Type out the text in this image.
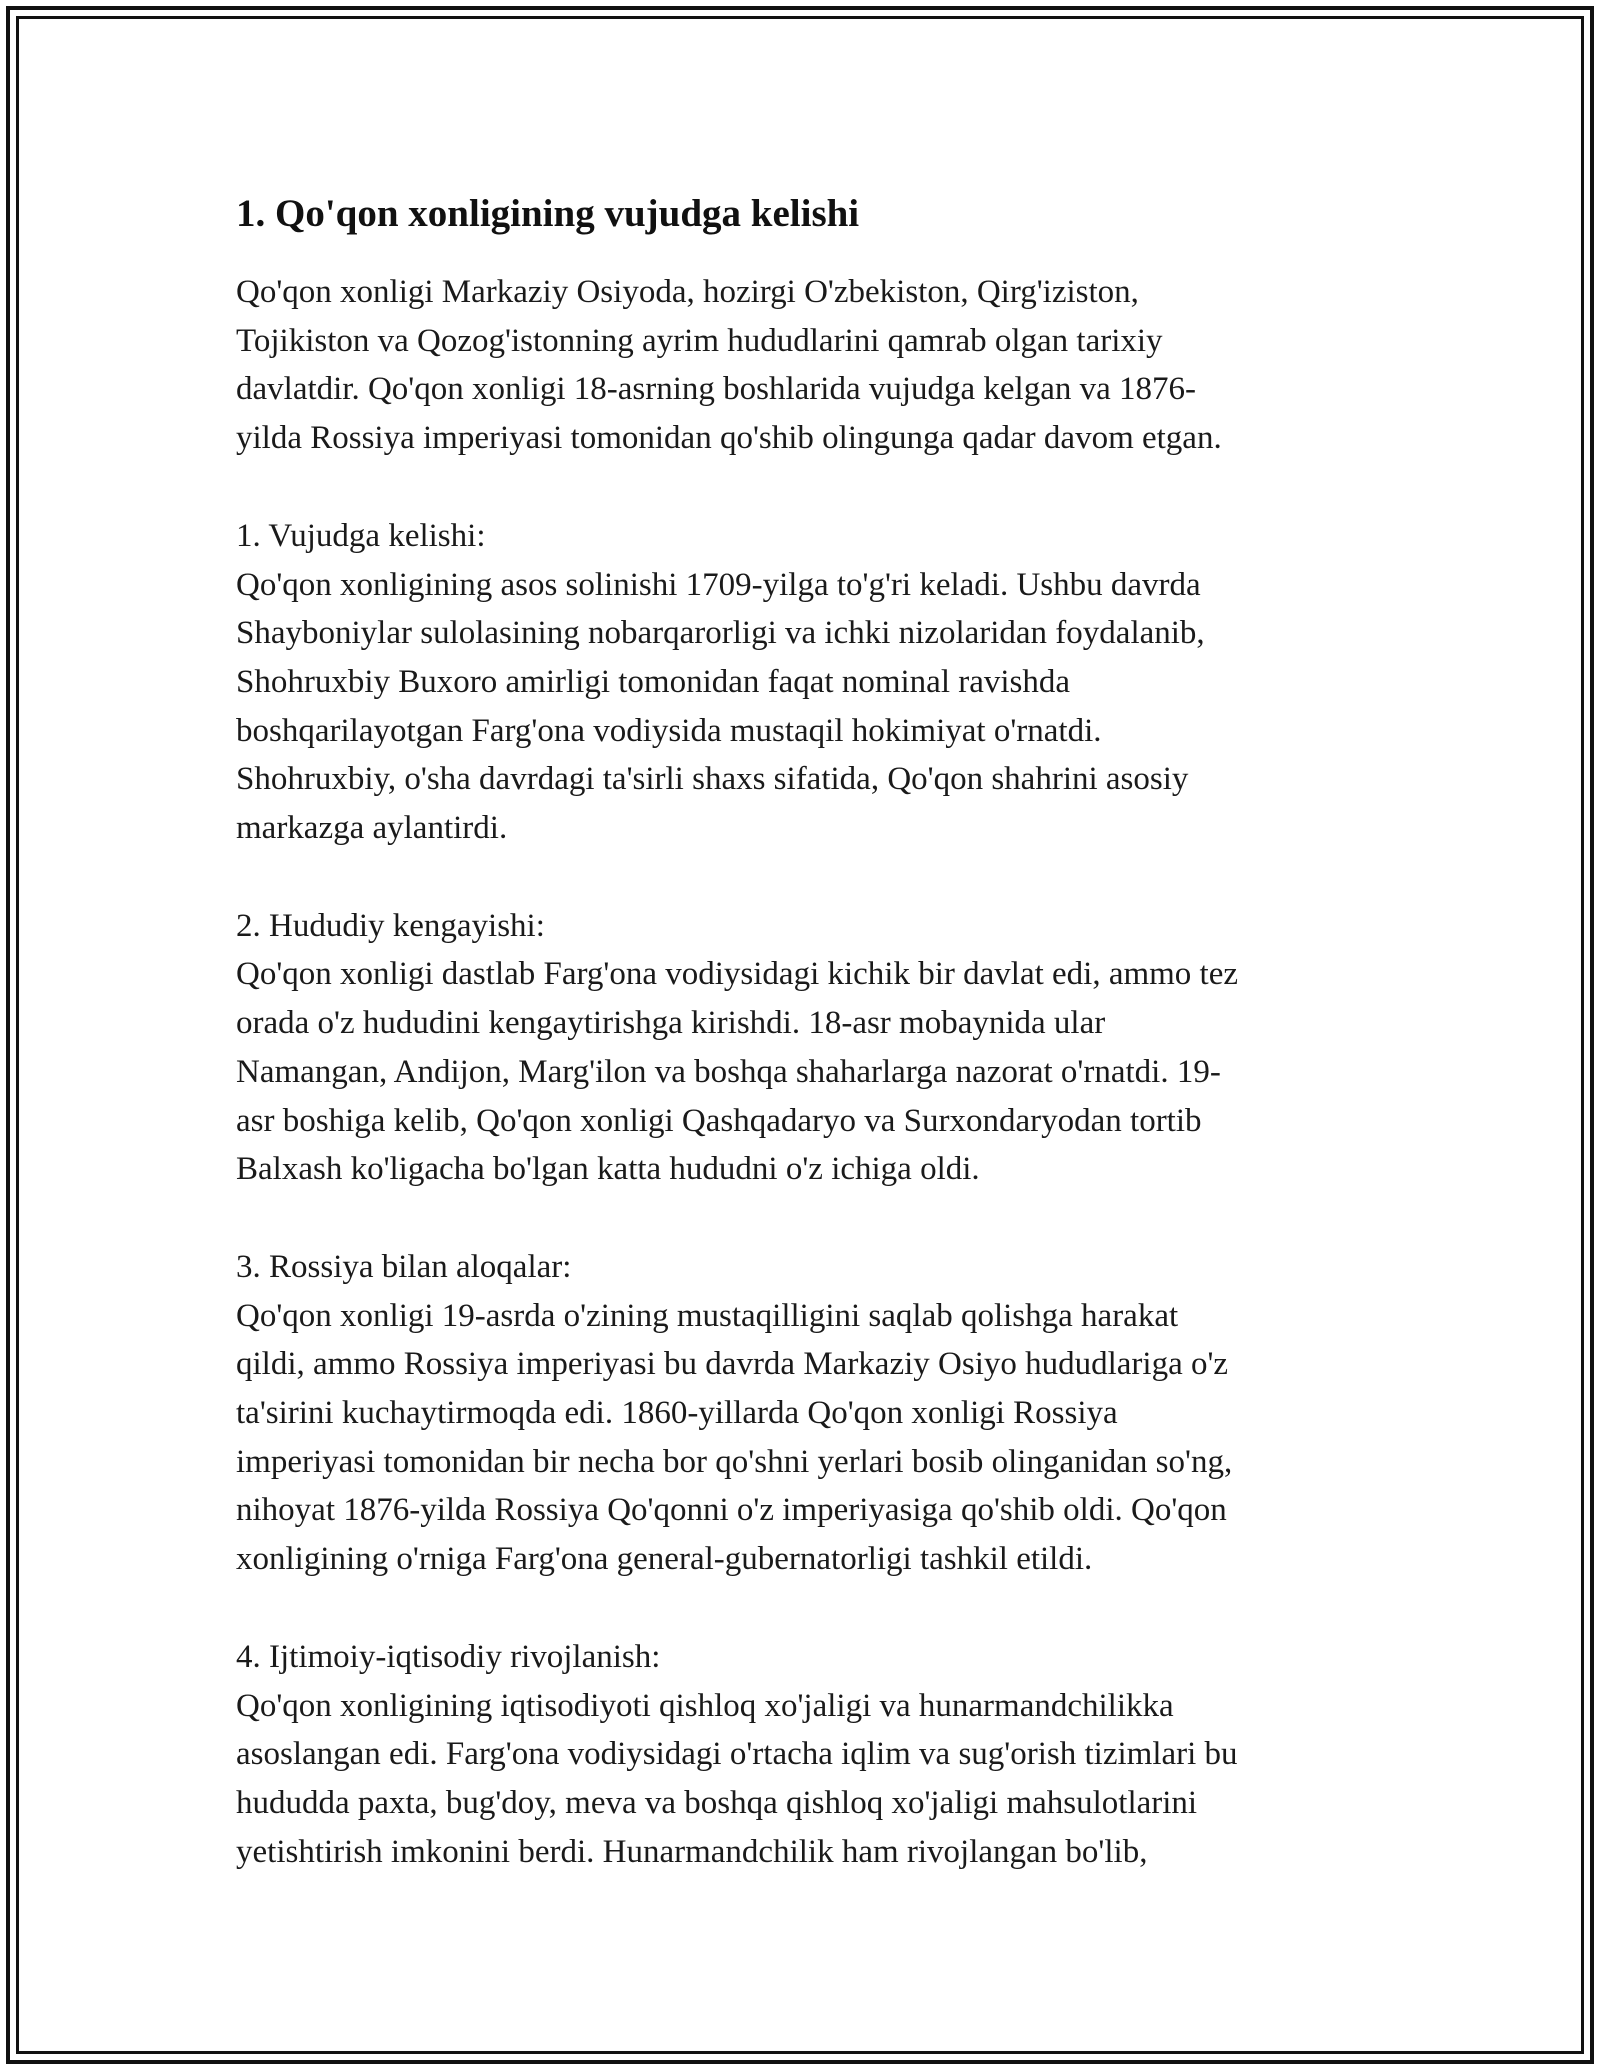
1. Qo'qon xonligining vujudga kelishi

Qo'qon xonligi Markaziy Osiyoda, hozirgi O'zbekiston, Qirg'iziston,
Tojikiston va Qozog'istonning ayrim hududlarini qamrab olgan tarixiy
davlatdir. Qo'qon xonligi 18-asrning boshlarida vujudga kelgan va 1876-
yilda Rossiya imperiyasi tomonidan qo'shib olingunga qadar davom etgan.

1. Vujudga kelishi:

Qo'qon xonligining asos solinishi 1709-yilga to'g'ri keladi. Ushbu davrda
Shayboniylar sulolasining nobarqarorligi va ichki nizolaridan foydalanib,
Shohruxbiy Buxoro amirligi tomonidan faqat nominal ravishda
boshqarilayotgan Farg'ona vodiysida mustaqil hokimiyat o'rnatdi.
Shohruxbiy, o'sha davrdagi ta'sirli shaxs sifatida, Qo'qon shahrini asosiy
markazga aylantirdi.

2. Hududiy kengayishi:

Qo'qon xonligi dastlab Farg'ona vodiysidagi kichik bir davlat edi, ammo tez
orada o'z hududini kengaytirishga kirishdi. 18-asr mobaynida ular
Namangan, Andijon, Marg'ilon va boshqa shaharlarga nazorat o'rnatdi. 19-
asr boshiga kelib, Qo'qon xonligi Qashqadaryo va Surxondaryodan tortib
Balxash ko'ligacha bo'lgan katta hududni o'z ichiga oldi.

3. Rossiya bilan aloqalar:

Qo'qon xonligi 19-asrda o'zining mustaqilligini saqlab qolishga harakat
qildi, ammo Rossiya imperiyasi bu davrda Markaziy Osiyo hududlariga o'z
ta'sirini kuchaytirmoqda edi. 1860-yillarda Qo'qon xonligi Rossiya
imperiyasi tomonidan bir necha bor qo'shni yerlari bosib olinganidan so'ng,
nihoyat 1876-yilda Rossiya Qo'qonni o'z imperiyasiga qo'shib oldi. Qo'qon
xonligining o'rniga Farg'ona general-gubernatorligi tashkil etildi.

4. Ijtimoiy-iqtisodiy rivojlanish:

Qo'qon xonligining iqtisodiyoti qishloq xo'jaligi va hunarmandchilikka
asoslangan edi. Farg'ona vodiysidagi o'rtacha iqlim va sug'orish tizimlari bu
hududda paxta, bug'doy, meva va boshqa qishloq xo'jaligi mahsulotlarini
yetishtirish imkonini berdi. Hunarmandchilik ham rivojlangan bo'lib,
